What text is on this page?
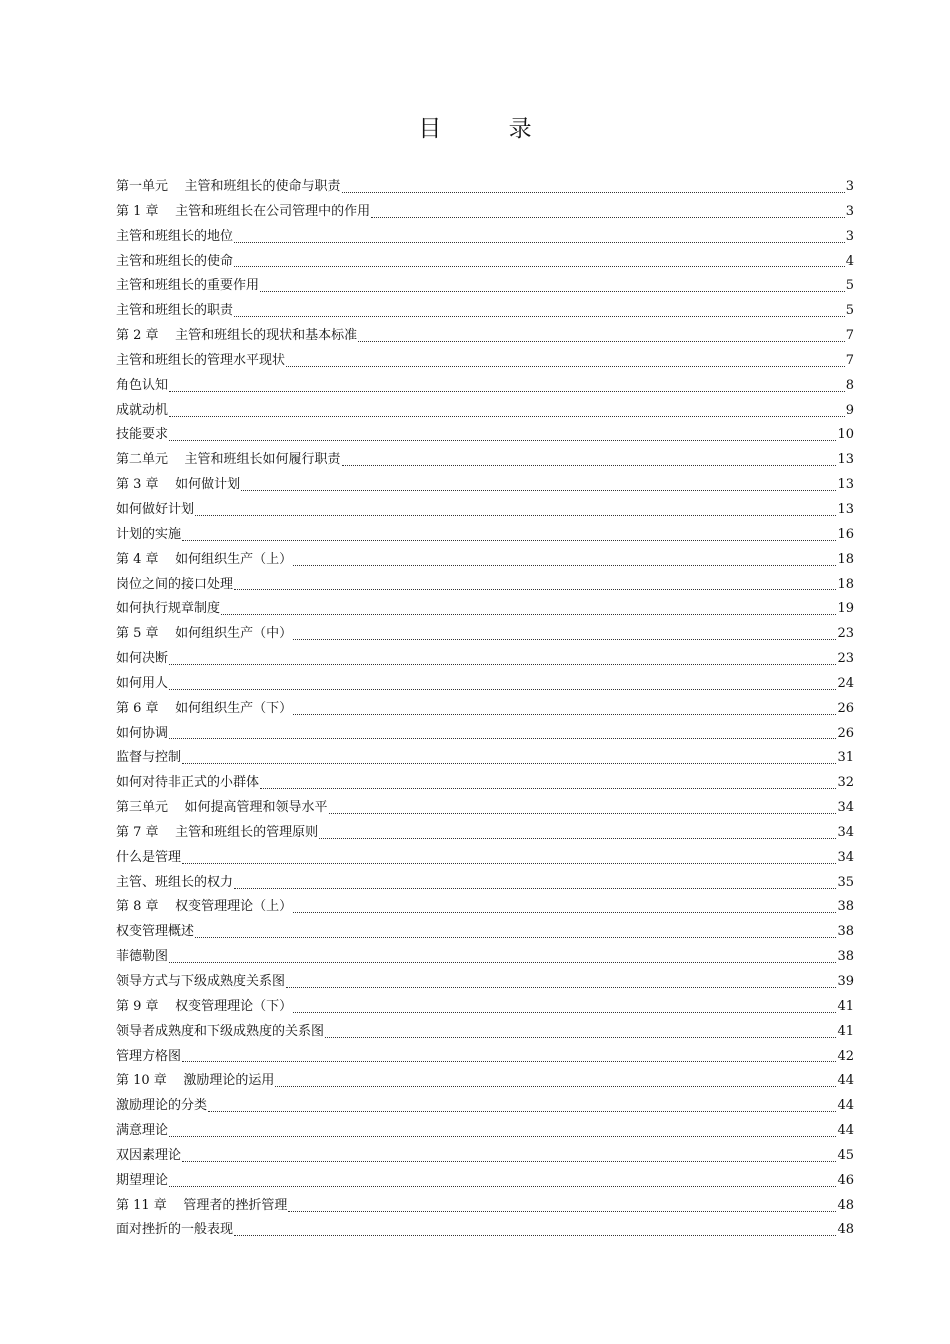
目 录
第一单元    主管和班组长的使命与职责	3
第 1 章    主管和班组长在公司管理中的作用	3
主管和班组长的地位	3
主管和班组长的使命	4
主管和班组长的重要作用	5
主管和班组长的职责	5
第 2 章    主管和班组长的现状和基本标准	7
主管和班组长的管理水平现状	7
角色认知	8
成就动机	9
技能要求	10
第二单元    主管和班组长如何履行职责	13
第 3 章    如何做计划	13
如何做好计划	13
计划的实施	16
第 4 章    如何组织生产（上）	18
岗位之间的接口处理	18
如何执行规章制度	19
第 5 章    如何组织生产（中）	23
如何决断	23
如何用人	24
第 6 章    如何组织生产（下）	26
如何协调	26
监督与控制	31
如何对待非正式的小群体	32
第三单元    如何提高管理和领导水平	34
第 7 章    主管和班组长的管理原则	34
什么是管理	34
主管、班组长的权力	35
第 8 章    权变管理理论（上）	38
权变管理概述	38
菲德勒图	38
领导方式与下级成熟度关系图	39
第 9 章    权变管理理论（下）	41
领导者成熟度和下级成熟度的关系图	41
管理方格图	42
第 10 章    激励理论的运用	44
激励理论的分类	44
满意理论	44
双因素理论	45
期望理论	46
第 11 章    管理者的挫折管理	48
面对挫折的一般表现	48
